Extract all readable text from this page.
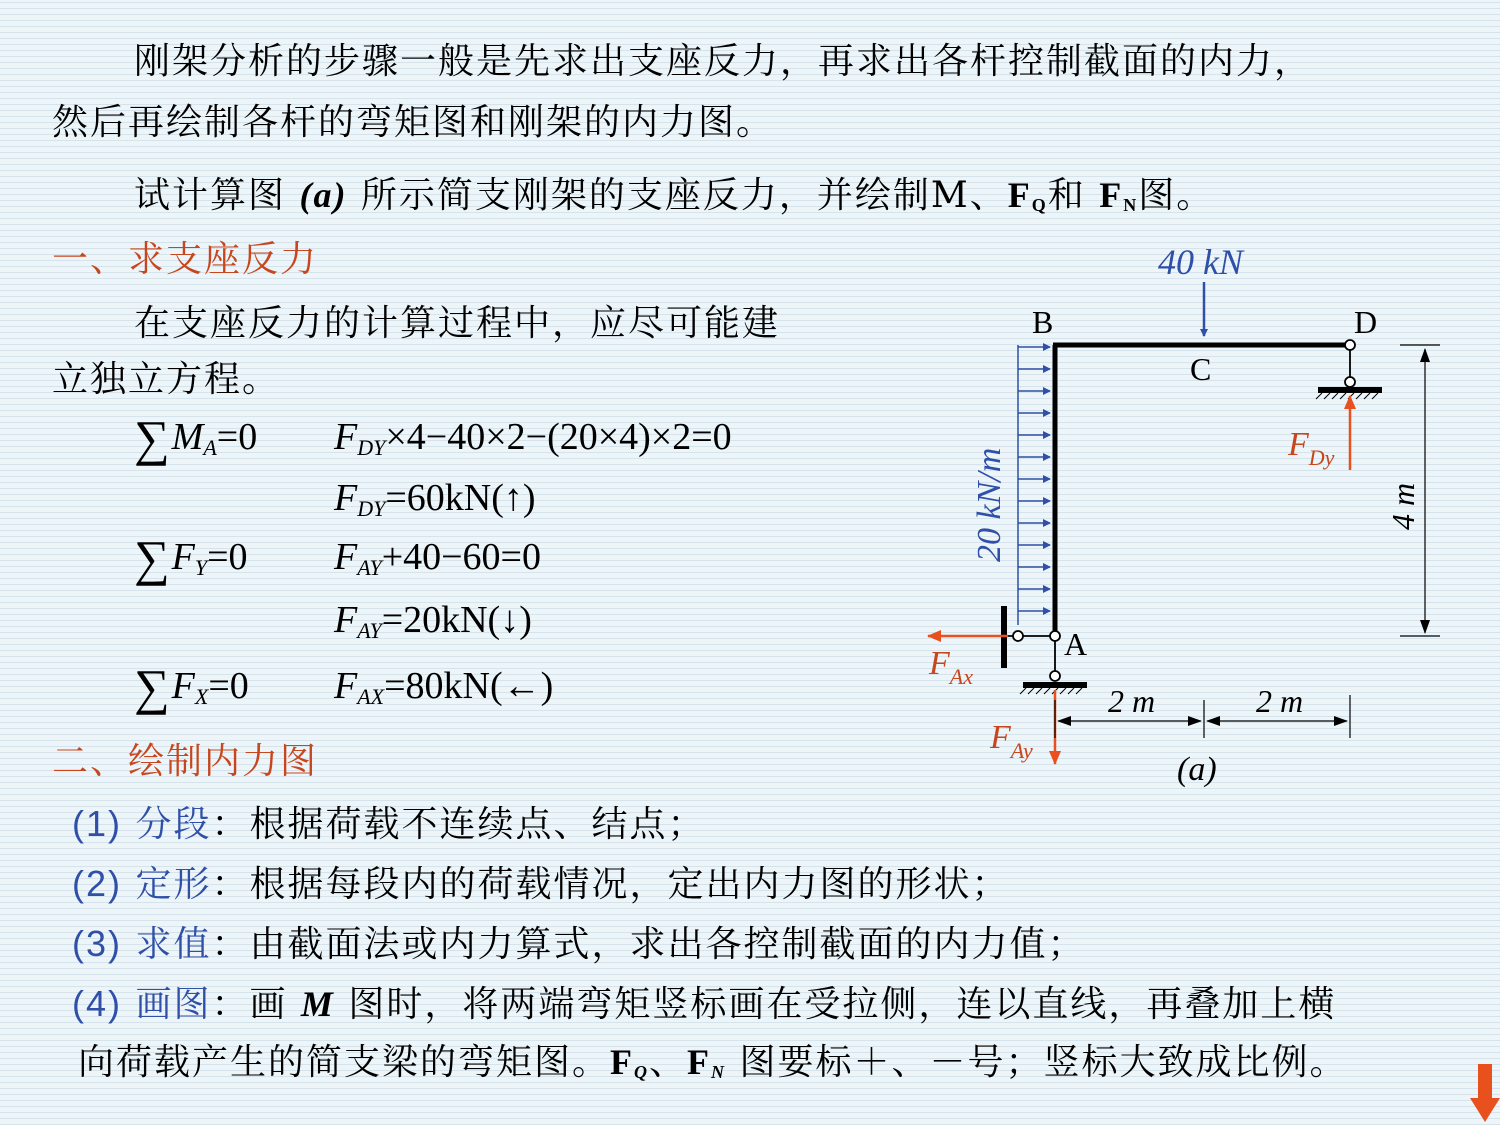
刚架分析的步骤一般是先求出支座反力，再求出各杆控制截面的内力，
然后再绘制各杆的弯矩图和刚架的内力图。
试计算图 (a) 所示简支刚架的支座反力，并绘制M、FQ和 FN图。
一、求支座反力
在支座反力的计算过程中，应尽可能建
立独立方程。
$\sum M_A=0$ $F_{DY}\times 4-40\times 2-(20\times 4)\times 2=0$
$F_{DY}=60kN(↑)$
$\sum F_Y=0$ $F_{AY}+40-60=0$
$F_{AY}=20kN(↓)$
$\sum F_X=0$ $F_{AX}=80kN(\leftarrow)$
二、绘制内力图
(1) 分段：根据荷载不连续点、结点；
(2) 定形：根据每段内的荷载情况，定出内力图的形状；
(3) 求值：由截面法或内力算式，求出各控制截面的内力值；
(4) 画图：画 M 图时，将两端弯矩竖标画在受拉侧，连以直线，再叠加上横
向荷载产生的简支梁的弯矩图。FQ、FN 图要标＋、－号；竖标大致成比例。
40 kN
B
C
D
A
20 kN/m	4 m
2 m	2 m
(a)
$F_{Dy}$
$F_{Ax}$
$F_{Ay}$
